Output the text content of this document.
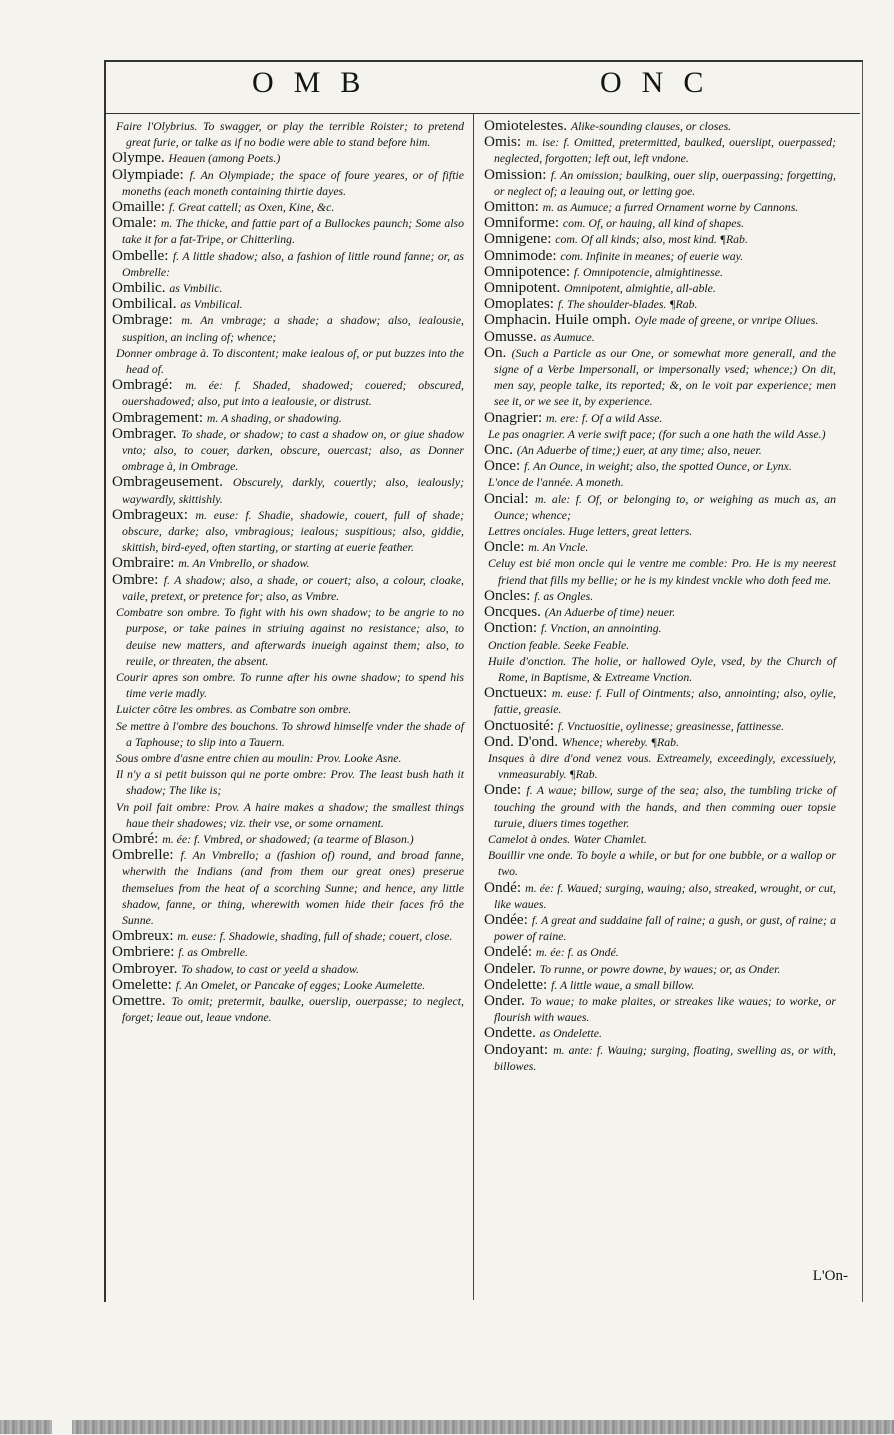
OMB	ONC
Faire l'Olybrius. To swagger, or play the terrible Roister; to pretend great furie, or talke as if no bodie were able to stand before him.
Olympe. Heauen (among Poets.)
Olympiade: f. An Olympiade; the space of foure yeares, or of fiftie moneths (each moneth containing thirtie dayes.
Omaille: f. Great cattell; as Oxen, Kine, &c.
Omale: m. The thicke, and fattie part of a Bullockes paunch; Some also take it for a fat-Tripe, or Chitterling.
Ombelle: f. A little shadow; also, a fashion of little round fanne; or, as Ombrelle:
Ombilic. as Vmbilic.
Ombilical. as Vmbilical.
Ombrage: m. An vmbrage; a shade; a shadow; also, iealousie, suspition, an incling of; whence;
Donner ombrage à. To discontent; make iealous of, or put buzzes into the head of.
Ombragé: m. ée: f. Shaded, shadowed; couered; obscured, ouershadowed; also, put into a iealousie, or distrust.
Ombragement: m. A shading, or shadowing.
Ombrager. To shade, or shadow; to cast a shadow on, or giue shadow vnto; also, to couer, darken, obscure, ouercast; also, as Donner ombrage à, in Ombrage.
Ombrageusement. Obscurely, darkly, couertly; also, iealously; waywardly, skittishly.
Ombrageux: m. euse: f. Shadie, shadowie, couert, full of shade; obscure, darke; also, vmbragious; iealous; suspitious; also, giddie, skittish, bird-eyed, often starting, or starting at euerie feather.
Ombraire: m. An Vmbrello, or shadow.
Ombre: f. A shadow; also, a shade, or couert; also, a colour, cloake, vaile, pretext, or pretence for; also, as Vmbre.
Combatre son ombre. To fight with his own shadow; to be angrie to no purpose, or take paines in striuing against no resistance; also, to deuise new matters, and afterwards inueigh against them; also, to reuile, or threaten, the absent.
Courir apres son ombre. To runne after his owne shadow; to spend his time verie madly.
Luicter côtre les ombres. as Combatre son ombre.
Se mettre à l'ombre des bouchons. To shrowd himselfe vnder the shade of a Taphouse; to slip into a Tauern.
Sous ombre d'asne entre chien au moulin: Prov. Looke Asne.
Il n'y a si petit buisson qui ne porte ombre: Prov. The least bush hath it shadow; The like is;
Vn poil fait ombre: Prov. A haire makes a shadow; the smallest things haue their shadowes; viz. their vse, or some ornament.
Ombré: m. ée: f. Vmbred, or shadowed; (a tearme of Blason.)
Ombrelle: f. An Vmbrello; a (fashion of) round, and broad fanne, wherwith the Indians (and from them our great ones) preserue themselues from the heat of a scorching Sunne; and hence, any little shadow, fanne, or thing, wherewith women hide their faces frô the Sunne.
Ombreux: m. euse: f. Shadowie, shading, full of shade; couert, close.
Ombriere: f. as Ombrelle.
Ombroyer. To shadow, to cast or yeeld a shadow.
Omelette: f. An Omelet, or Pancake of egges; Looke Aumelette.
Omettre. To omit; pretermit, baulke, ouerslip, ouerpasse; to neglect, forget; leaue out, leaue vndone.
Omiotelestes. Alike-sounding clauses, or closes.
Omis: m. ise: f. Omitted, pretermitted, baulked, ouerslipt, ouerpassed; neglected, forgotten; left out, left vndone.
Omission: f. An omission; baulking, ouer slip, ouerpassing; forgetting, or neglect of; a leauing out, or letting goe.
Omitton: m. as Aumuce; a furred Ornament worne by Cannons.
Omniforme: com. Of, or hauing, all kind of shapes.
Omnigene: com. Of all kinds; also, most kind. ¶Rab.
Omnimode: com. Infinite in meanes; of euerie way.
Omnipotence: f. Omnipotencie, almightinesse.
Omnipotent. Omnipotent, almightie, all-able.
Omoplates: f. The shoulder-blades. ¶Rab.
Omphacin. Huile omph. Oyle made of greene, or vnripe Oliues.
Omusse. as Aumuce.
On. (Such a Particle as our One, or somewhat more generall, and the signe of a Verbe Impersonall, or impersonally vsed; whence;) On dit, men say, people talke, its reported; &, on le voit par experience; men see it, or we see it, by experience.
Onagrier: m. ere: f. Of a wild Asse.
Le pas onagrier. A verie swift pace; (for such a one hath the wild Asse.)
Onc. (An Aduerbe of time;) euer, at any time; also, neuer.
Once: f. An Ounce, in weight; also, the spotted Ounce, or Lynx.
L'once de l'année. A moneth.
Oncial: m. ale: f. Of, or belonging to, or weighing as much as, an Ounce; whence;
Lettres onciales. Huge letters, great letters.
Oncle: m. An Vncle.
Celuy est bié mon oncle qui le ventre me comble: Pro. He is my neerest friend that fills my bellie; or he is my kindest vnckle who doth feed me.
Oncles: f. as Ongles.
Oncques. (An Aduerbe of time) neuer.
Onction: f. Vnction, an annointing.
Onction feable. Seeke Feable.
Huile d'onction. The holie, or hallowed Oyle, vsed, by the Church of Rome, in Baptisme, & Extreame Vnction.
Onctueux: m. euse: f. Full of Ointments; also, annointing; also, oylie, fattie, greasie.
Onctuosité: f. Vnctuositie, oylinesse; greasinesse, fattinesse.
Ond. D'ond. Whence; whereby. ¶Rab.
Insques à dire d'ond venez vous. Extreamely, exceedingly, excessiuely, vnmeasurably. ¶Rab.
Onde: f. A waue; billow, surge of the sea; also, the tumbling tricke of touching the ground with the hands, and then comming ouer topsie turuie, diuers times together.
Camelot à ondes. Water Chamlet.
Bouillir vne onde. To boyle a while, or but for one bubble, or a wallop or two.
Ondé: m. ée: f. Waued; surging, wauing; also, streaked, wrought, or cut, like waues.
Ondée: f. A great and suddaine fall of raine; a gush, or gust, of raine; a power of raine.
Ondelé: m. ée: f. as Ondé.
Ondeler. To runne, or powre downe, by waues; or, as Onder.
Ondelette: f. A little waue, a small billow.
Onder. To waue; to make plaites, or streakes like waues; to worke, or flourish with waues.
Ondette. as Ondelette.
Ondoyant: m. ante: f. Wauing; surging, floating, swelling as, or with, billowes.
L'On-
